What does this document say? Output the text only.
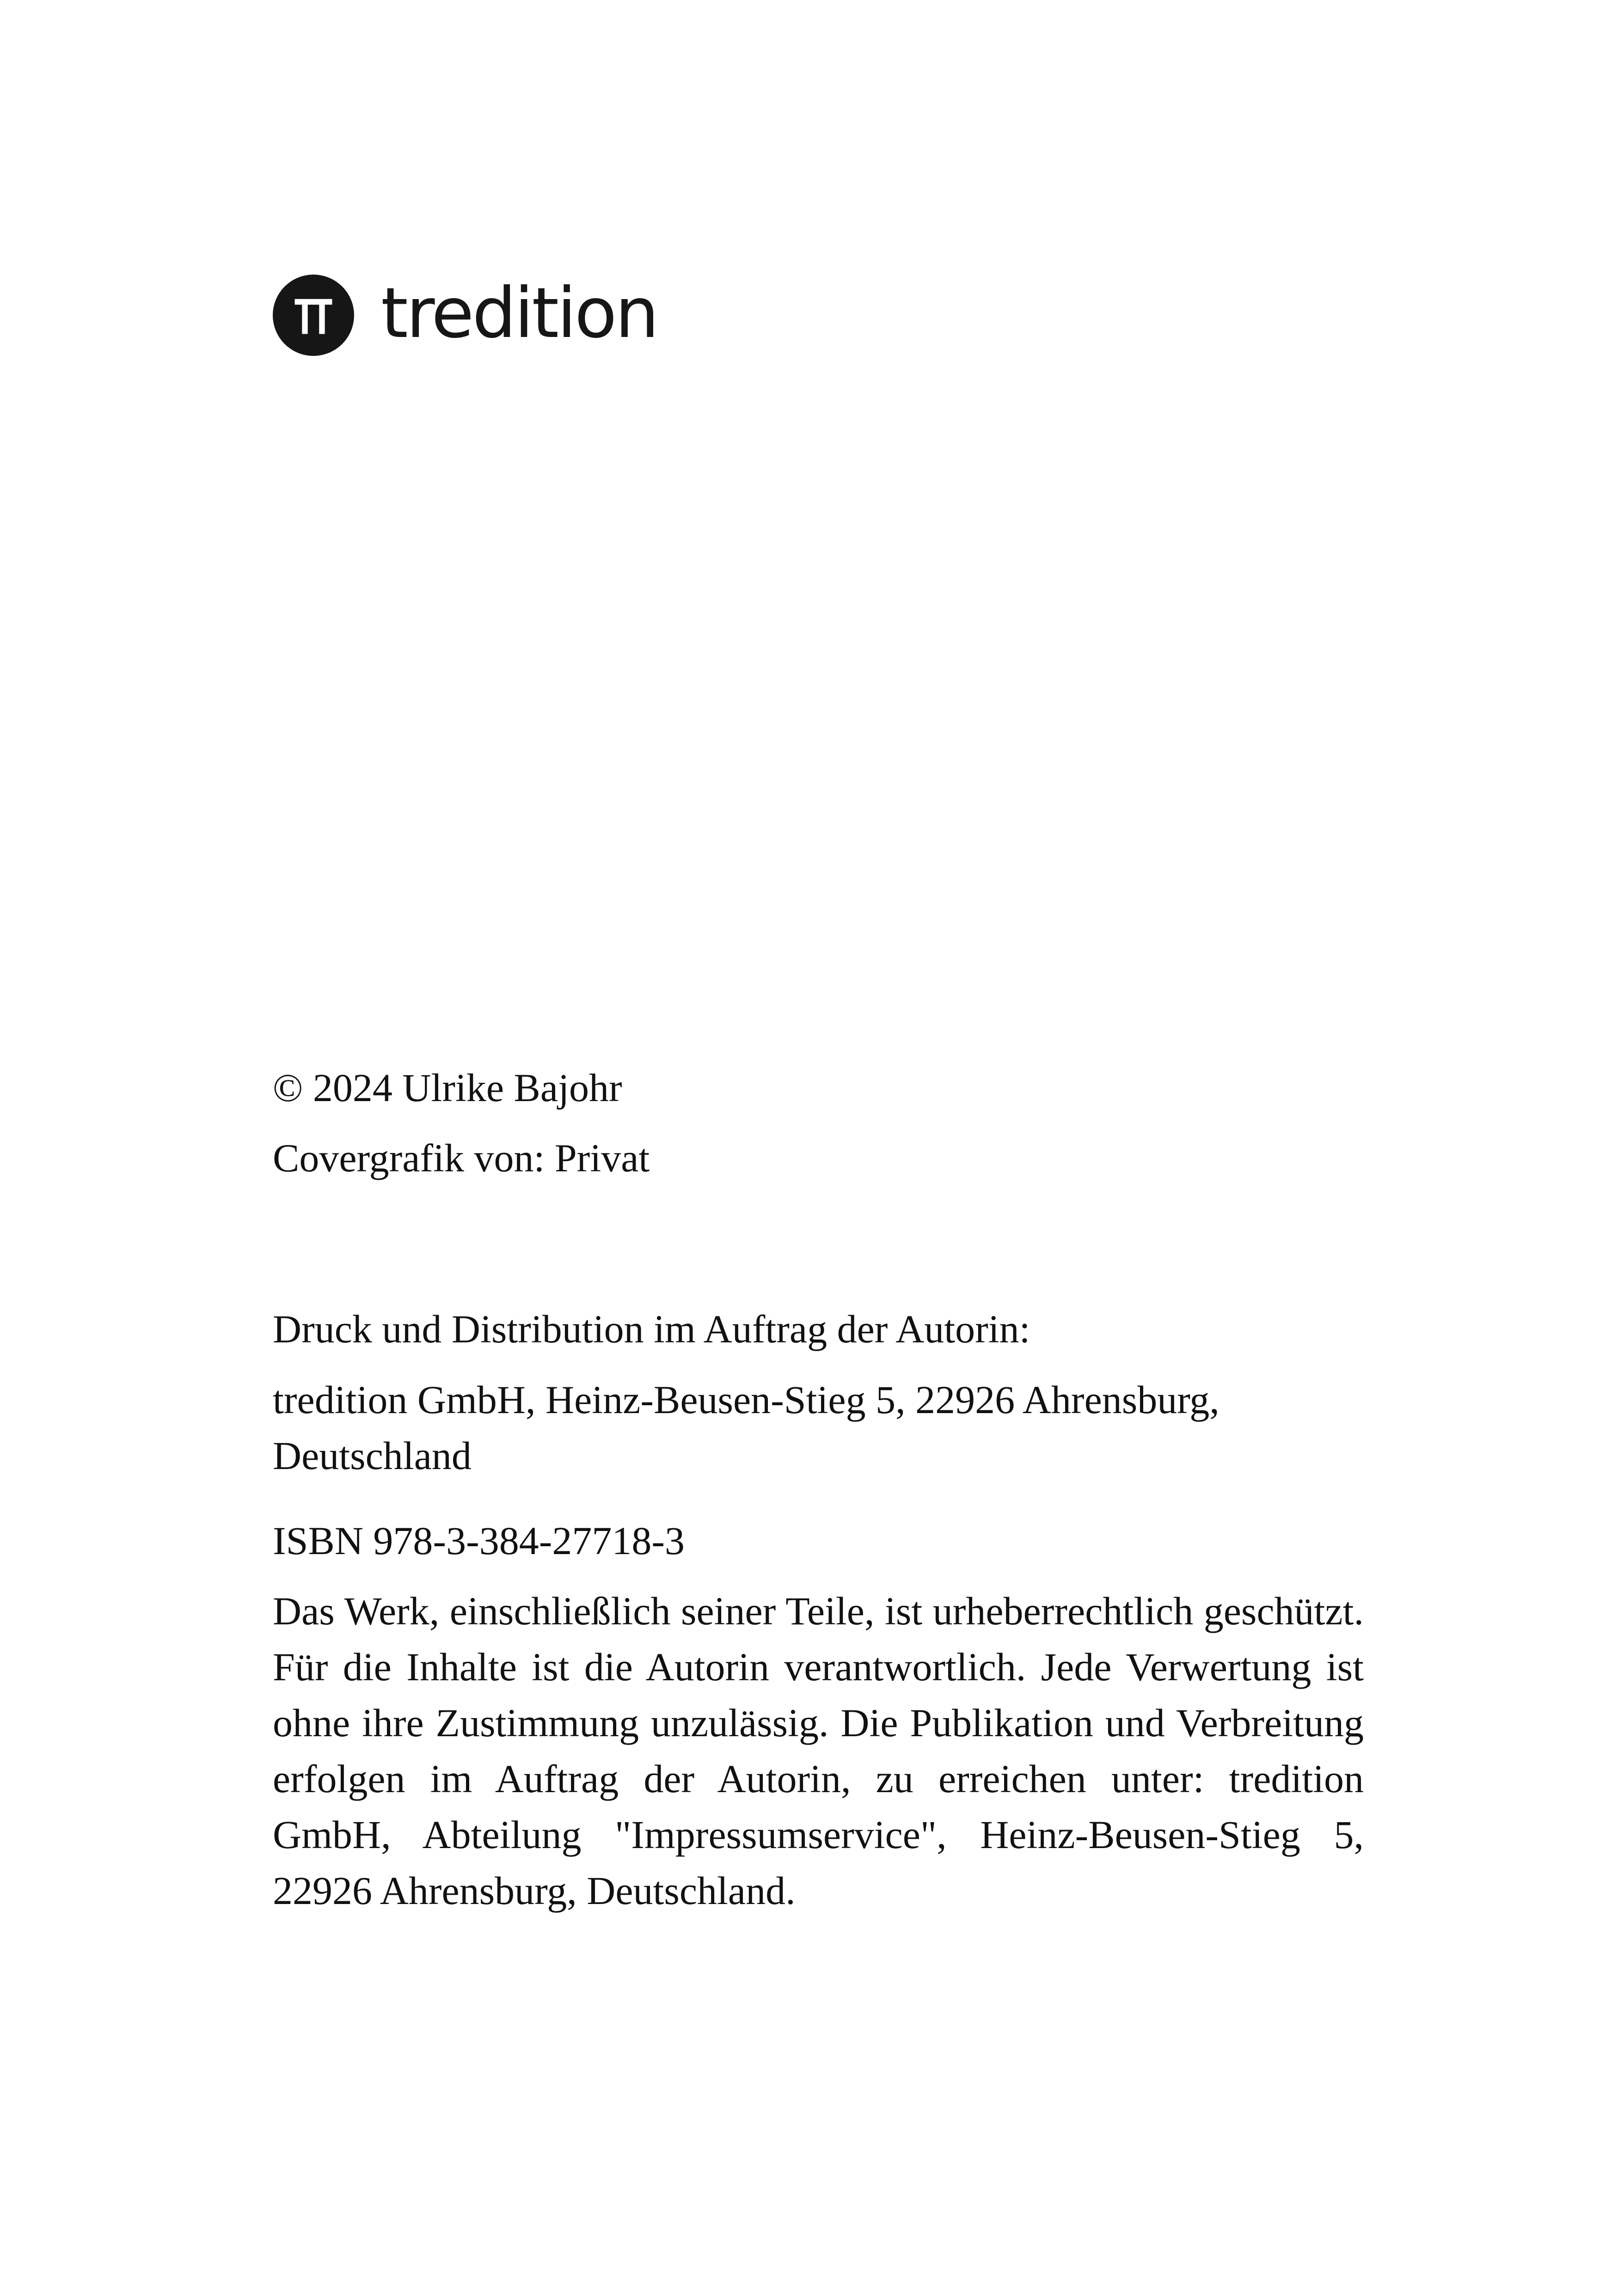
tredition

© 2024 Ulrike Bajohr

Covergrafik von: Privat

Druck und Distribution im Auftrag der Autorin:

tredition GmbH, Heinz-Beusen-Stieg 5, 22926 Ahrensburg, Deutschland

ISBN 978-3-384-27718-3

Das Werk, einschließlich seiner Teile, ist urheberrechtlich geschützt. Für die Inhalte ist die Autorin verantwortlich. Jede Verwertung ist ohne ihre Zustimmung unzulässig. Die Publikation und Verbreitung erfolgen im Auftrag der Autorin, zu erreichen unter: tredition GmbH, Abteilung "Impressumservice", Heinz-Beusen-Stieg 5, 22926 Ahrensburg, Deutschland.
